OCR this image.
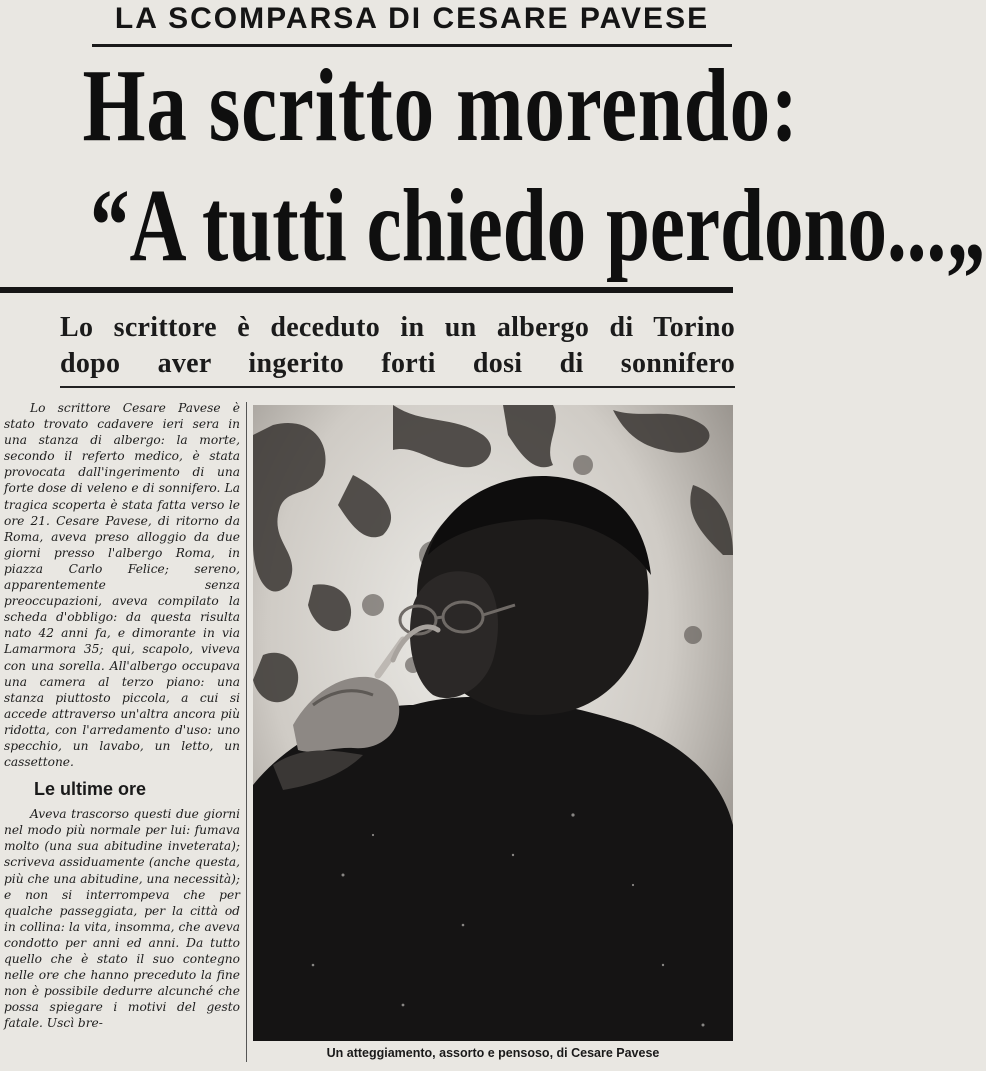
LA SCOMPARSA DI CESARE PAVESE
Ha scritto morendo:
“A tutti chiedo perdono...„
Lo scrittore è deceduto in un albergo di Torino
dopo aver ingerito forti dosi di sonnifero

Lo scrittore Cesare Pavese è stato trovato cadavere ieri sera in una stanza di albergo: la morte, secondo il referto medico, è stata provocata dall'ingerimento di una forte dose di veleno e di sonnifero. La tragica scoperta è stata fatta verso le ore 21. Cesare Pavese, di ritorno da Roma, aveva preso alloggio da due giorni presso l'albergo Roma, in piazza Carlo Felice; sereno, apparentemente senza preoccupazioni, aveva compilato la scheda d'obbligo: da questa risulta nato 42 anni fa, e dimorante in via Lamarmora 35; qui, scapolo, viveva con una sorella. All'albergo occupava una camera al terzo piano: una stanza piuttosto piccola, a cui si accede attraverso un'altra ancora più ridotta, con l'arredamento d'uso: uno specchio, un lavabo, un letto, un cassettone.

Le ultime ore

Aveva trascorso questi due giorni nel modo più normale per lui: fumava molto (una sua abitudine inveterata); scriveva assiduamente (anche questa, più che una abitudine, una necessità); e non si interrompeva che per qualche passeggiata, per la città od in collina: la vita, insomma, che aveva condotto per anni ed anni. Da tutto quello che è stato il suo contegno nelle ore che hanno preceduto la fine non è possibile dedurre alcunché che possa spiegare i motivi del gesto fatale. Uscì bre-

Un atteggiamento, assorto e pensoso, di Cesare Pavese
